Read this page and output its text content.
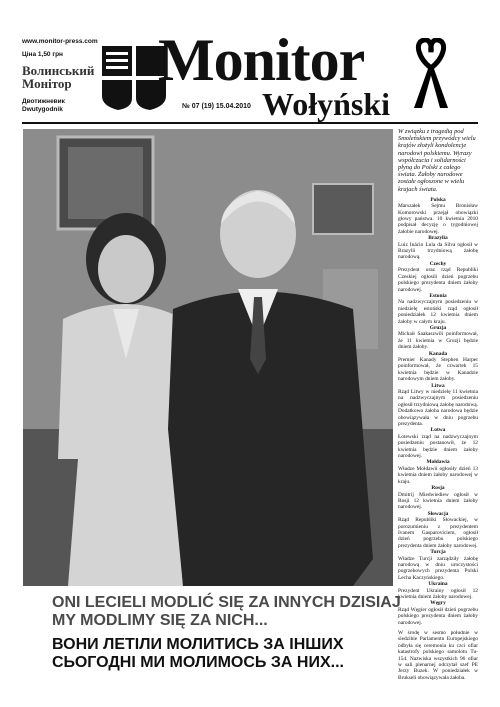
www.monitor-press.com
Ціна 1,50 грн
Волинський Монітор
Двотижневик
Dwutygodnik
Monitor
Wołyński
№ 07 (19) 15.04.2010
W związku z tragedią pod Smoleńskiem przywódcy wielu krajów złożyli kondolencje narodowi polskiemu. Wyrazy współczucia i solidarności płyną do Polski z całego świata. Żałoby narodowe zostałe ogłoszone w wielu krajach świata.
Polska
Marszałek Sejmu Bronisław Komorowski przejął obowiązki głowy państwa. 10 kwietnia 2010 podpisał decyzję o tygodniowej żałobie narodowej.
Brazylia
Luiz Inácio Lula da Silva ogłosił w Brazylii trzydniową żałobę narodową.
Czechy
Prezydent oraz rząd Republiki Czeskiej ogłosili dzień pogrzebu polskiego prezydenta dniem żałoby narodowej.
Estonia
Na nadzwyczajnym posiedzeniu w niedzielę estoński rząd ogłosił poniedziałek 12 kwietnia dniem żałoby w całym kraju.
Gruzja
Michaił Saakaszwili poinformował, że 11 kwietnia w Gruzji będzie dniem żałoby.
Kanada
Premier Kanady Stephen Harper poinformował, że czwartek 15 kwietnia będzie w Kanadzie narodowym dniem żałoby.
Litwa
Rząd Litwy w niedzielę 11 kwietnia na nadzwyczajnym posiedzeniu ogłosił trzydniową żałobę narodową. Dodatkowo żałoba narodowa będzie obowiązywała w dniu pogrzebu prezydenta.
Łotwa
Łotewski rząd na nadzwyczajnym posiedzeniu postanowił, że 12 kwietnia będzie dniem żałoby narodowej.
Mołdawia
Władze Mołdawii ogłosiły dzień 13 kwietnia dniem żałoby narodowej w kraju.
Rosja
Dmitrij Miedwiediew ogłosił w Rosji 12 kwietnia dniem żałoby narodowej.
Słowacja
Rząd Republiki Słowackiej, w porozumieniu z prezydentem Ivanem Gasparoviciem, ogłosił dzień pogrzebu polskiego prezydenta dniem żałoby narodowej.
Turcja
Władze Turcji zarządziły żałobę narodową w dniu uroczystości pogrzebowych prezydenta Polski Lecha Kaczyńskiego.
Ukraina
Prezydent Ukrainy ogłosił 12 kwietnia dniem żałoby narodowej.
Węgry
Rząd Węgier ogłosił dzień pogrzebu polskiego prezydenta dniem żałoby narodowej.
W środę w sesmo południe w siedzibie Parlamentu Europejskiego odbyła się ceremonia ku czci ofiar katastrofy polskiego samolotu Tu-154. Nazwiska wszystkich 96 ofiar w sali plenarnej odczytał szef PE Jerzy Buzek. W poniedziałek w Brukseli obowiązywała żałoba.
ONI LECIELI MODLIĆ SIĘ ZA INNYCH DZISIAJ MY MODLIMY SIĘ ZA NICH...
ВОНИ ЛЕТІЛИ МОЛИТИСЬ ЗА ІНШИХ СЬОГОДНІ МИ МОЛИМОСЬ ЗА НИХ...
